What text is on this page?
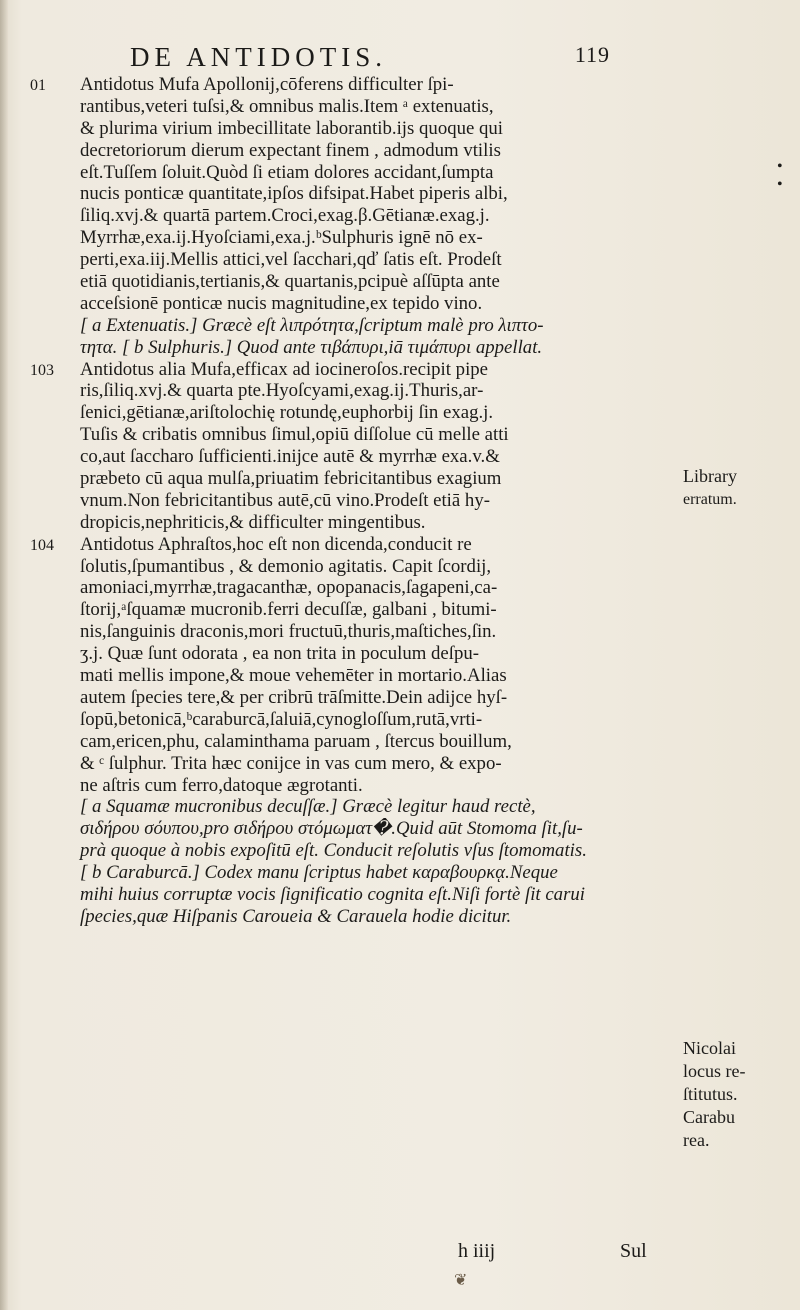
DE ANTIDOTIS.	119
01 Antidotus Mufa Apollonij,cōferens difficulter ſpi-
rantibus,veteri tuſsi,& omnibus malis.Item ᵃ extenuatis,
& plurima virium imbecillitate laborantib.ijs quoque qui
decretoriorum dierum expectant finem , admodum vtilis
eſt.Tuſſem ſoluit.Quòd ſi etiam dolores accidant,ſumpta
nucis ponticæ quantitate,ipſos difsipat.Habet piperis albi,
ſiliq.xvj.& quartā partem.Croci,exag.β.Gētianæ.exag.j.
Myrrhæ,exa.ij.Hyoſciami,exa.j.ᵇSulphuris ignē nō ex-
perti,exa.iij.Mellis attici,vel ſacchari,qď ſatis eſt. Prodeſt
etiā quotidianis,tertianis,& quartanis,pcipuè aſſūpta ante
acceſsionē ponticæ nucis magnitudine,ex tepido vino.
[ a Extenuatis.] Græcè eſt λιπρότητα,ſcriptum malè pro λιπτο-
τητα. [ b Sulphuris.] Quod ante τιβάπυρι,iā τιμάπυρι appellat.
103 Antidotus alia Mufa,efficax ad iocineroſos.recipit pipe
ris,ſiliq.xvj.& quarta pte.Hyoſcyami,exag.ij.Thuris,ar-
ſenici,gētianæ,ariſtolochię rotundę,euphorbij ſin exag.j.
Tuſis & cribatis omnibus ſimul,opiū diſſolue cū melle atti
co,aut ſaccharo ſufficienti.inijce autē & myrrhæ exa.v.&
præbeto cū aqua mulſa,priuatim febricitantibus exagium
vnum.Non febricitantibus autē,cū vino.Prodeſt etiā hy-
dropicis,nephriticis,& difficulter mingentibus.
104 Antidotus Aphraſtos,hoc eſt non dicenda,conducit re
ſolutis,ſpumantibus , & demonio agitatis. Capit ſcordij,
amoniaci,myrrhæ,tragacanthæ, opopanacis,ſagapeni,ca-
ſtorij,ᵃſquamæ mucronib.ferri decuſſæ, galbani , bitumi-
nis,ſanguinis draconis,mori fructuū,thuris,maſtiches,ſin.
ʒ.j. Quæ ſunt odorata , ea non trita in poculum deſpu-
mati mellis impone,& moue vehemēter in mortario.Alias
autem ſpecies tere,& per cribrū trāſmitte.Dein adijce hyſ-
ſopū,betonicā,ᵇcaraburcā,ſaluiā,cynogloſſum,rutā,vrti-
cam,ericen,phu, calaminthama paruam , ſtercus bouillum,
& ᶜ ſulphur. Trita hæc conijce in vas cum mero, & expo-
ne aſtris cum ferro,datoque ægrotanti.
[ a Squamæ mucronibus decuſſæ.] Græcè legitur haud rectè,
σιδήρου σόυπου,pro σιδήρου στόμωματ�.Quid aūt Stomoma ſit,ſu-
prà quoque à nobis expoſitū eſt. Conducit reſolutis vſus ſtomomatis.
[ b Caraburcā.] Codex manu ſcriptus habet καραβουρκᾳ.Neque
mihi huius corruptæ vocis ſignificatio cognita eſt.Niſi fortè ſit carui
ſpecies,quæ Hiſpanis Caroueia & Carauela hodie dicitur.
Library
erratum.
Nicolai
locus re-
ſtitutus.
Carabu
rea.
• •
h iiij	Sul
❦
